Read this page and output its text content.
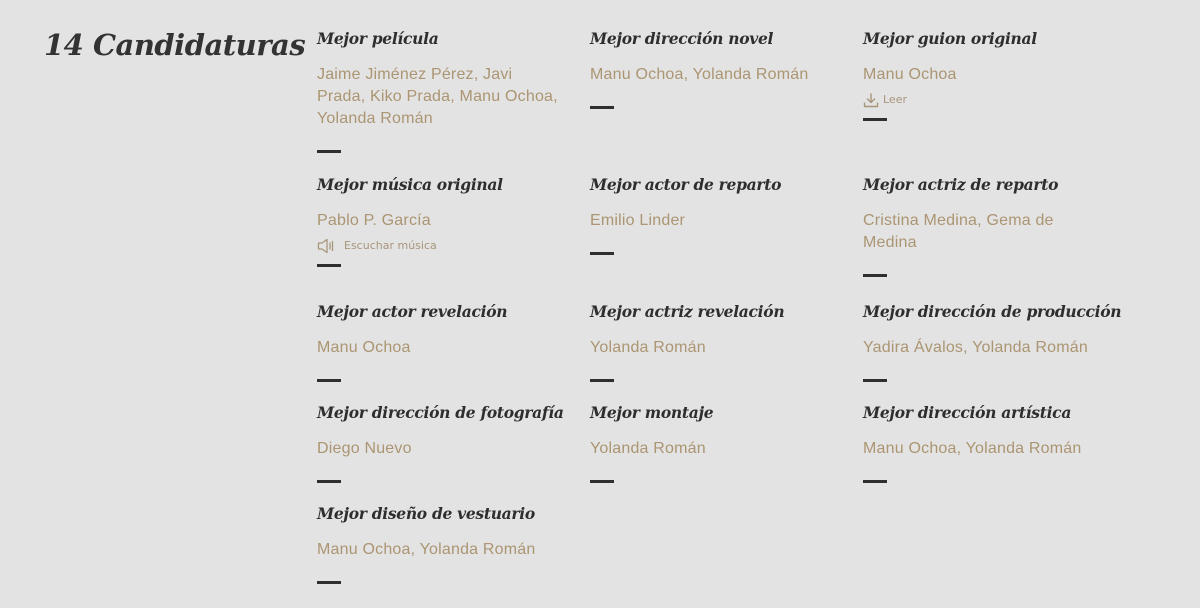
14 Candidaturas Mejor película
Jaime Jiménez Pérez, Javi Prada, Kiko Prada, Manu Ochoa, Yolanda Román
Mejor dirección novel
Manu Ochoa, Yolanda Román
Mejor guion original
Manu Ochoa
Leer
Mejor música original
Pablo P. García
Escuchar música
Mejor actor de reparto
Emilio Linder
Mejor actriz de reparto
Cristina Medina, Gema de Medina
Mejor actor revelación
Manu Ochoa
Mejor actriz revelación
Yolanda Román
Mejor dirección de producción
Yadira Ávalos, Yolanda Román
Mejor dirección de fotografía
Diego Nuevo
Mejor montaje
Yolanda Román
Mejor dirección artística
Manu Ochoa, Yolanda Román
Mejor diseño de vestuario
Manu Ochoa, Yolanda Román
